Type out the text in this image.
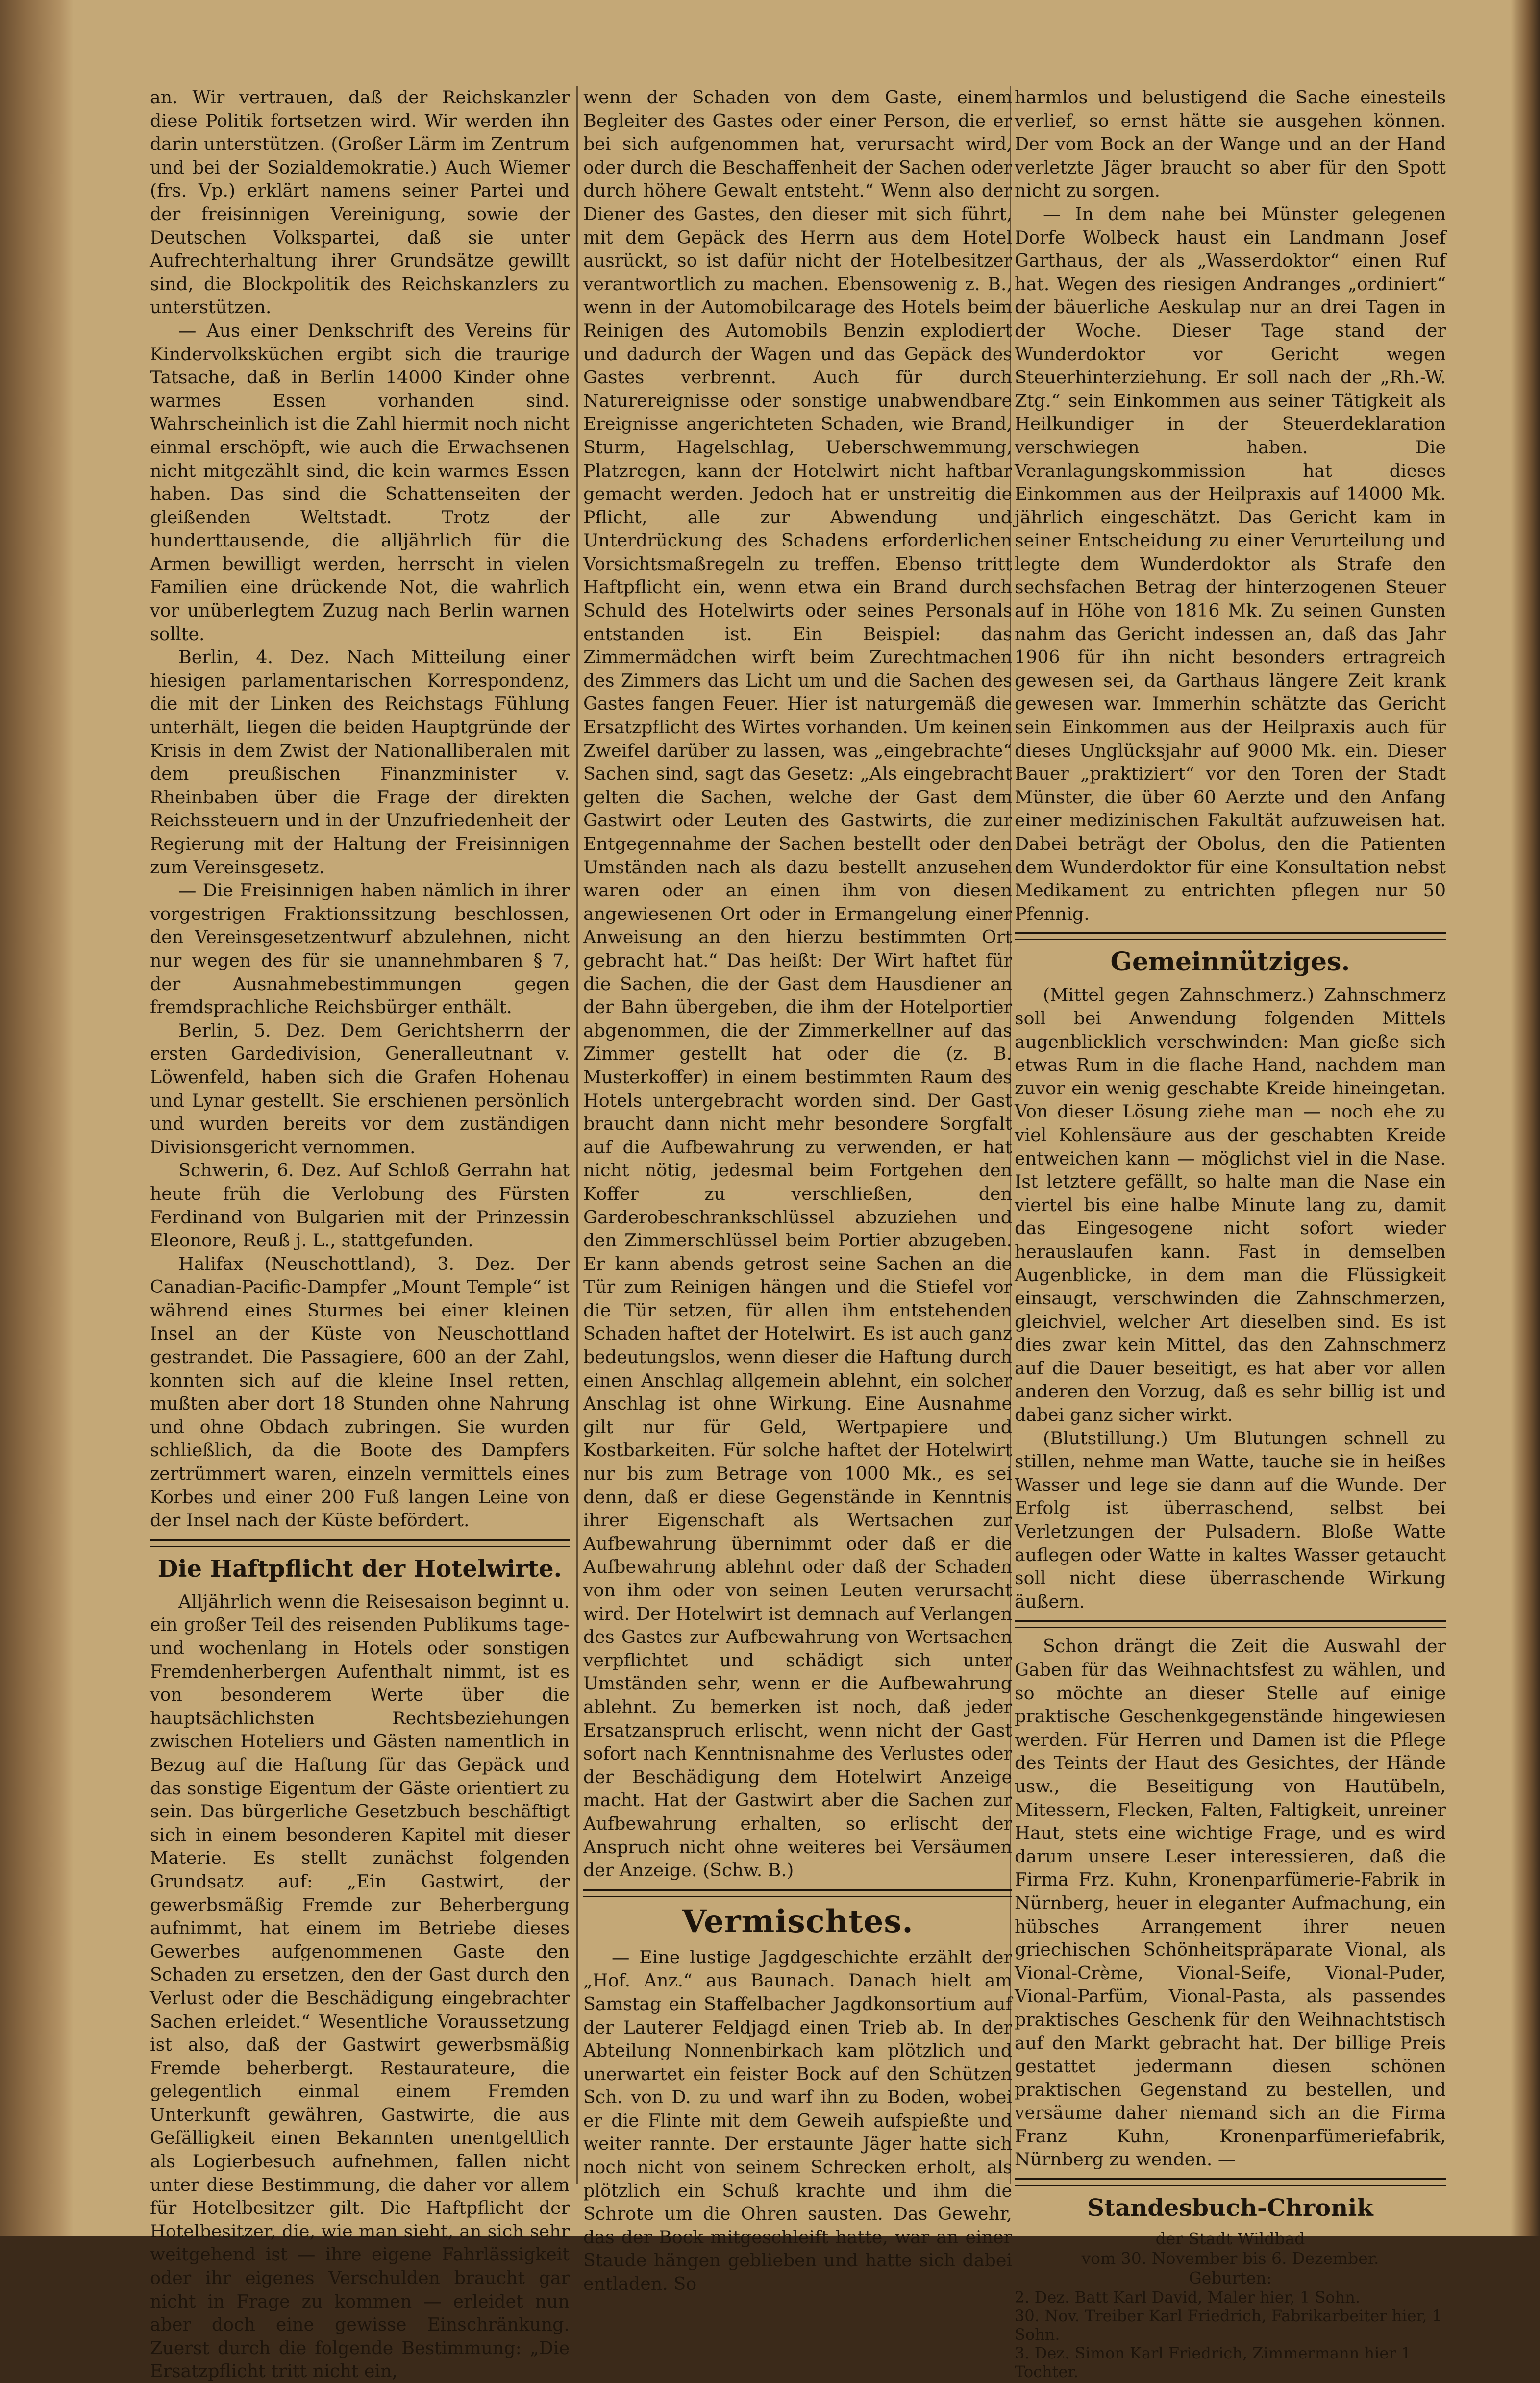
an. Wir vertrauen, daß der Reichskanzler diese Politik fortsetzen wird. Wir werden ihn darin unterstützen. (Großer Lärm im Zentrum und bei der Sozialdemokratie.) Auch Wiemer (frs. Vp.) erklärt namens seiner Partei und der freisinnigen Vereinigung, sowie der Deutschen Volkspartei, daß sie unter Aufrechterhaltung ihrer Grundsätze gewillt sind, die Blockpolitik des Reichskanzlers zu unterstützen.

— Aus einer Denkschrift des Vereins für Kindervolksküchen ergibt sich die traurige Tatsache, daß in Berlin 14000 Kinder ohne warmes Essen vorhanden sind. Wahrscheinlich ist die Zahl hiermit noch nicht einmal erschöpft, wie auch die Erwachsenen nicht mitgezählt sind, die kein warmes Essen haben. Das sind die Schattenseiten der gleißenden Weltstadt. Trotz der hunderttausende, die alljährlich für die Armen bewilligt werden, herrscht in vielen Familien eine drückende Not, die wahrlich vor unüberlegtem Zuzug nach Berlin warnen sollte.

Berlin, 4. Dez. Nach Mitteilung einer hiesigen parlamentarischen Korrespondenz, die mit der Linken des Reichstags Fühlung unterhält, liegen die beiden Hauptgründe der Krisis in dem Zwist der Nationalliberalen mit dem preußischen Finanzminister v. Rheinbaben über die Frage der direkten Reichssteuern und in der Unzufriedenheit der Regierung mit der Haltung der Freisinnigen zum Vereinsgesetz.

— Die Freisinnigen haben nämlich in ihrer vorgestrigen Fraktionssitzung beschlossen, den Vereinsgesetzentwurf abzulehnen, nicht nur wegen des für sie unannehmbaren § 7, der Ausnahmebestimmungen gegen fremdsprachliche Reichsbürger enthält.

Berlin, 5. Dez. Dem Gerichtsherrn der ersten Gardedivision, Generalleutnant v. Löwenfeld, haben sich die Grafen Hohenau und Lynar gestellt. Sie erschienen persönlich und wurden bereits vor dem zuständigen Divisionsgericht vernommen.

Schwerin, 6. Dez. Auf Schloß Gerrahn hat heute früh die Verlobung des Fürsten Ferdinand von Bulgarien mit der Prinzessin Eleonore, Reuß j. L., stattgefunden.

Halifax (Neuschottland), 3. Dez. Der Canadian-Pacific-Dampfer „Mount Temple“ ist während eines Sturmes bei einer kleinen Insel an der Küste von Neuschottland gestrandet. Die Passagiere, 600 an der Zahl, konnten sich auf die kleine Insel retten, mußten aber dort 18 Stunden ohne Nahrung und ohne Obdach zubringen. Sie wurden schließlich, da die Boote des Dampfers zertrümmert waren, einzeln vermittels eines Korbes und einer 200 Fuß langen Leine von der Insel nach der Küste befördert.

Die Haftpflicht der Hotelwirte.

Alljährlich wenn die Reisesaison beginnt u. ein großer Teil des reisenden Publikums tage- und wochenlang in Hotels oder sonstigen Fremdenherbergen Aufenthalt nimmt, ist es von besonderem Werte über die hauptsächlichsten Rechtsbeziehungen zwischen Hoteliers und Gästen namentlich in Bezug auf die Haftung für das Gepäck und das sonstige Eigentum der Gäste orientiert zu sein. Das bürgerliche Gesetzbuch beschäftigt sich in einem besonderen Kapitel mit dieser Materie. Es stellt zunächst folgenden Grundsatz auf: „Ein Gastwirt, der gewerbsmäßig Fremde zur Beherbergung aufnimmt, hat einem im Betriebe dieses Gewerbes aufgenommenen Gaste den Schaden zu ersetzen, den der Gast durch den Verlust oder die Beschädigung eingebrachter Sachen erleidet.“ Wesentliche Voraussetzung ist also, daß der Gastwirt gewerbsmäßig Fremde beherbergt. Restaurateure, die gelegentlich einmal einem Fremden Unterkunft gewähren, Gastwirte, die aus Gefälligkeit einen Bekannten unentgeltlich als Logierbesuch aufnehmen, fallen nicht unter diese Bestimmung, die daher vor allem für Hotelbesitzer gilt. Die Haftpflicht der Hotelbesitzer, die, wie man sieht, an sich sehr weitgehend ist — ihre eigene Fahrlässigkeit oder ihr eigenes Verschulden braucht gar nicht in Frage zu kommen — erleidet nun aber doch eine gewisse Einschränkung. Zuerst durch die folgende Bestimmung: „Die Ersatzpflicht tritt nicht ein,

wenn der Schaden von dem Gaste, einem Begleiter des Gastes oder einer Person, die er bei sich aufgenommen hat, verursacht wird, oder durch die Beschaffenheit der Sachen oder durch höhere Gewalt entsteht.“ Wenn also der Diener des Gastes, den dieser mit sich führt, mit dem Gepäck des Herrn aus dem Hotel ausrückt, so ist dafür nicht der Hotelbesitzer verantwortlich zu machen. Ebensowenig z. B., wenn in der Automobilcarage des Hotels beim Reinigen des Automobils Benzin explodiert und dadurch der Wagen und das Gepäck des Gastes verbrennt. Auch für durch Naturereignisse oder sonstige unabwendbare Ereignisse angerichteten Schaden, wie Brand, Sturm, Hagelschlag, Ueberschwemmung, Platzregen, kann der Hotelwirt nicht haftbar gemacht werden. Jedoch hat er unstreitig die Pflicht, alle zur Abwendung und Unterdrückung des Schadens erforderlichen Vorsichtsmaßregeln zu treffen. Ebenso tritt Haftpflicht ein, wenn etwa ein Brand durch Schuld des Hotelwirts oder seines Personals entstanden ist. Ein Beispiel: das Zimmermädchen wirft beim Zurechtmachen des Zimmers das Licht um und die Sachen des Gastes fangen Feuer. Hier ist naturgemäß die Ersatzpflicht des Wirtes vorhanden. Um keinen Zweifel darüber zu lassen, was „eingebrachte“ Sachen sind, sagt das Gesetz: „Als eingebracht gelten die Sachen, welche der Gast dem Gastwirt oder Leuten des Gastwirts, die zur Entgegennahme der Sachen bestellt oder den Umständen nach als dazu bestellt anzusehen waren oder an einen ihm von diesen angewiesenen Ort oder in Ermangelung einer Anweisung an den hierzu bestimmten Ort gebracht hat.“ Das heißt: Der Wirt haftet für die Sachen, die der Gast dem Hausdiener an der Bahn übergeben, die ihm der Hotelportier abgenommen, die der Zimmerkellner auf das Zimmer gestellt hat oder die (z. B. Musterkoffer) in einem bestimmten Raum des Hotels untergebracht worden sind. Der Gast braucht dann nicht mehr besondere Sorgfalt auf die Aufbewahrung zu verwenden, er hat nicht nötig, jedesmal beim Fortgehen den Koffer zu verschließen, den Garderobeschrankschlüssel abzuziehen und den Zimmerschlüssel beim Portier abzugeben. Er kann abends getrost seine Sachen an die Tür zum Reinigen hängen und die Stiefel vor die Tür setzen, für allen ihm entstehenden Schaden haftet der Hotelwirt. Es ist auch ganz bedeutungslos, wenn dieser die Haftung durch einen Anschlag allgemein ablehnt, ein solcher Anschlag ist ohne Wirkung. Eine Ausnahme gilt nur für Geld, Wertpapiere und Kostbarkeiten. Für solche haftet der Hotelwirt nur bis zum Betrage von 1000 Mk., es sei denn, daß er diese Gegenstände in Kenntnis ihrer Eigenschaft als Wertsachen zur Aufbewahrung übernimmt oder daß er die Aufbewahrung ablehnt oder daß der Schaden von ihm oder von seinen Leuten verursacht wird. Der Hotelwirt ist demnach auf Verlangen des Gastes zur Aufbewahrung von Wertsachen verpflichtet und schädigt sich unter Umständen sehr, wenn er die Aufbewahrung ablehnt. Zu bemerken ist noch, daß jeder Ersatzanspruch erlischt, wenn nicht der Gast sofort nach Kenntnisnahme des Verlustes oder der Beschädigung dem Hotelwirt Anzeige macht. Hat der Gastwirt aber die Sachen zur Aufbewahrung erhalten, so erlischt der Anspruch nicht ohne weiteres bei Versäumen der Anzeige. (Schw. B.)

Vermischtes.

— Eine lustige Jagdgeschichte erzählt der „Hof. Anz.“ aus Baunach. Danach hielt am Samstag ein Staffelbacher Jagdkonsortium auf der Lauterer Feldjagd einen Trieb ab. In der Abteilung Nonnenbirkach kam plötzlich und unerwartet ein feister Bock auf den Schützen Sch. von D. zu und warf ihn zu Boden, wobei er die Flinte mit dem Geweih aufspießte und weiter rannte. Der erstaunte Jäger hatte sich noch nicht von seinem Schrecken erholt, als plötzlich ein Schuß krachte und ihm die Schrote um die Ohren sausten. Das Gewehr, das der Bock mitgeschleift hatte, war an einer Staude hängen geblieben und hatte sich dabei entladen. So

harmlos und belustigend die Sache einesteils verlief, so ernst hätte sie ausgehen können. Der vom Bock an der Wange und an der Hand verletzte Jäger braucht so aber für den Spott nicht zu sorgen.

— In dem nahe bei Münster gelegenen Dorfe Wolbeck haust ein Landmann Josef Garthaus, der als „Wasserdoktor“ einen Ruf hat. Wegen des riesigen Andranges „ordiniert“ der bäuerliche Aeskulap nur an drei Tagen in der Woche. Dieser Tage stand der Wunderdoktor vor Gericht wegen Steuerhinterziehung. Er soll nach der „Rh.-W. Ztg.“ sein Einkommen aus seiner Tätigkeit als Heilkundiger in der Steuerdeklaration verschwiegen haben. Die Veranlagungskommission hat dieses Einkommen aus der Heilpraxis auf 14000 Mk. jährlich eingeschätzt. Das Gericht kam in seiner Entscheidung zu einer Verurteilung und legte dem Wunderdoktor als Strafe den sechsfachen Betrag der hinterzogenen Steuer auf in Höhe von 1816 Mk. Zu seinen Gunsten nahm das Gericht indessen an, daß das Jahr 1906 für ihn nicht besonders ertragreich gewesen sei, da Garthaus längere Zeit krank gewesen war. Immerhin schätzte das Gericht sein Einkommen aus der Heilpraxis auch für dieses Unglücksjahr auf 9000 Mk. ein. Dieser Bauer „praktiziert“ vor den Toren der Stadt Münster, die über 60 Aerzte und den Anfang einer medizinischen Fakultät aufzuweisen hat. Dabei beträgt der Obolus, den die Patienten dem Wunderdoktor für eine Konsultation nebst Medikament zu entrichten pflegen nur 50 Pfennig.

Gemeinnütziges.

(Mittel gegen Zahnschmerz.) Zahnschmerz soll bei Anwendung folgenden Mittels augenblicklich verschwinden: Man gieße sich etwas Rum in die flache Hand, nachdem man zuvor ein wenig geschabte Kreide hineingetan. Von dieser Lösung ziehe man — noch ehe zu viel Kohlensäure aus der geschabten Kreide entweichen kann — möglichst viel in die Nase. Ist letztere gefällt, so halte man die Nase ein viertel bis eine halbe Minute lang zu, damit das Eingesogene nicht sofort wieder herauslaufen kann. Fast in demselben Augenblicke, in dem man die Flüssigkeit einsaugt, verschwinden die Zahnschmerzen, gleichviel, welcher Art dieselben sind. Es ist dies zwar kein Mittel, das den Zahnschmerz auf die Dauer beseitigt, es hat aber vor allen anderen den Vorzug, daß es sehr billig ist und dabei ganz sicher wirkt.

(Blutstillung.) Um Blutungen schnell zu stillen, nehme man Watte, tauche sie in heißes Wasser und lege sie dann auf die Wunde. Der Erfolg ist überraschend, selbst bei Verletzungen der Pulsadern. Bloße Watte auflegen oder Watte in kaltes Wasser getaucht soll nicht diese überraschende Wirkung äußern.

Schon drängt die Zeit die Auswahl der Gaben für das Weihnachtsfest zu wählen, und so möchte an dieser Stelle auf einige praktische Geschenkgegenstände hingewiesen werden. Für Herren und Damen ist die Pflege des Teints der Haut des Gesichtes, der Hände usw., die Beseitigung von Hautübeln, Mitessern, Flecken, Falten, Faltigkeit, unreiner Haut, stets eine wichtige Frage, und es wird darum unsere Leser interessieren, daß die Firma Frz. Kuhn, Kronenparfümerie-Fabrik in Nürnberg, heuer in eleganter Aufmachung, ein hübsches Arrangement ihrer neuen griechischen Schönheitspräparate Vional, als Vional-Crème, Vional-Seife, Vional-Puder, Vional-Parfüm, Vional-Pasta, als passendes praktisches Geschenk für den Weihnachtstisch auf den Markt gebracht hat. Der billige Preis gestattet jedermann diesen schönen praktischen Gegenstand zu bestellen, und versäume daher niemand sich an die Firma Franz Kuhn, Kronenparfümeriefabrik, Nürnberg zu wenden. —

Standesbuch-Chronik
der Stadt Wildbad
vom 30. November bis 6. Dezember.
Geburten:
2. Dez. Batt Karl David, Maler hier, 1 Sohn.
30. Nov. Treiber Karl Friedrich, Fabrikarbeiter hier, 1 Sohn.
3. Dez. Simon Karl Friedrich, Zimmermann hier 1 Tochter.
